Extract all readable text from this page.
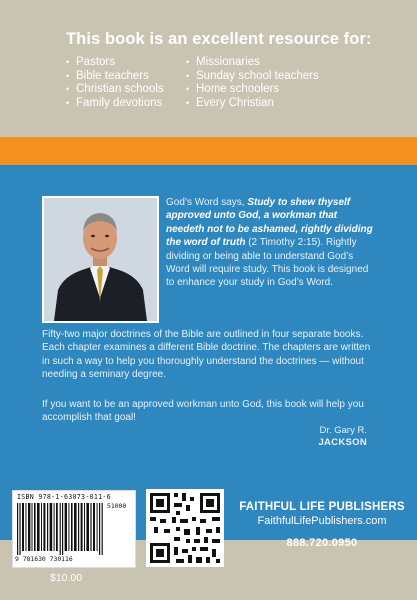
This book is an excellent resource for:
• Pastors
• Bible teachers
• Christian schools
• Family devotions
• Missionaries
• Sunday school teachers
• Home schoolers
• Every Christian

God’s Word says, Study to shew thyself approved unto God, a workman that needeth not to be ashamed, rightly dividing the word of truth (2 Timothy 2:15). Rightly dividing or being able to understand God’s Word will require study. This book is designed to enhance your study in God’s Word.

Fifty-two major doctrines of the Bible are outlined in four separate books. Each chapter examines a different Bible doctrine. The chapters are written in such a way to help you thoroughly understand the doctrines — without needing a seminary degree.

If you want to be an approved workman unto God, this book will help you accomplish that goal!

Dr. Gary R.
JACKSON
ISBN 978-1-63073-011-6
51000
9 781630 730116
FAITHFUL LIFE PUBLISHERS
FaithfulLifePublishers.com
888.720.0950
$10.00
